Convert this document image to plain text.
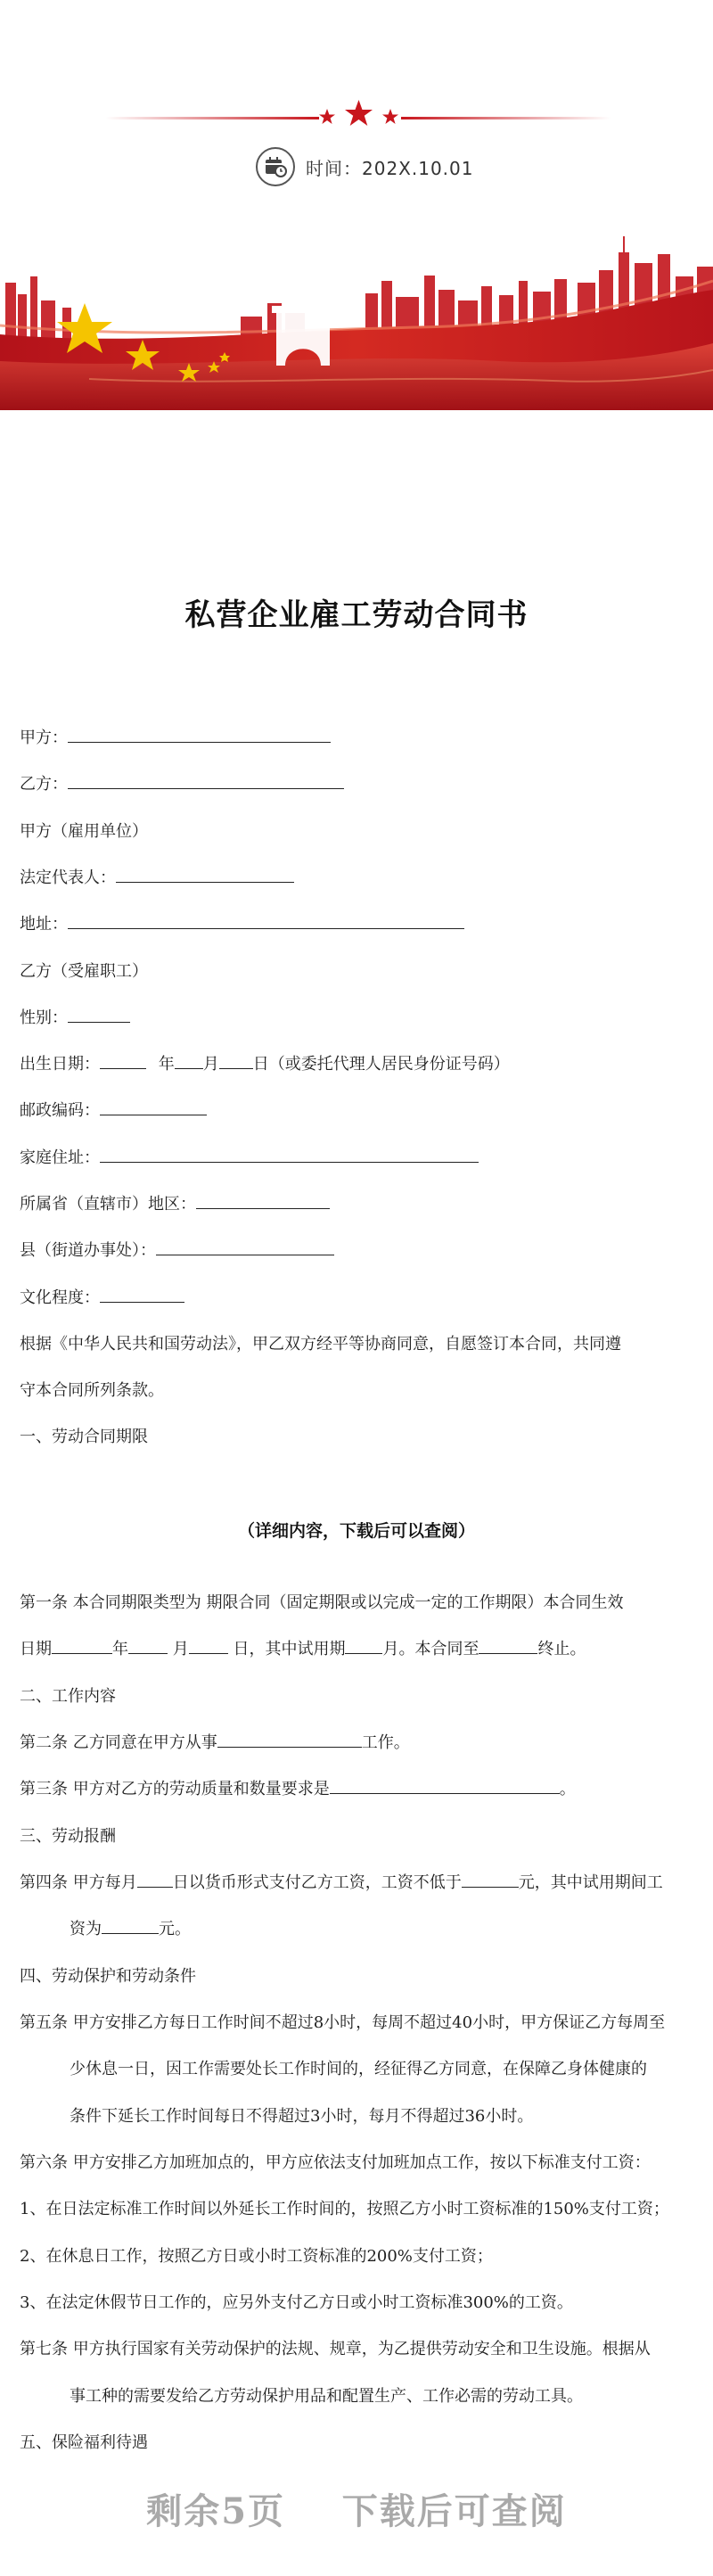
时间：202X.10.01
私营企业雇工劳动合同书
甲方：
乙方：
甲方（雇用单位）
法定代表人：
地址：
乙方（受雇职工）
性别：
出生日期：	年 月 日（或委托代理人居民身份证号码）
邮政编码：
家庭住址：
所属省（直辖市）地区：
县（街道办事处）：
文化程度：
根据《中华人民共和国劳动法》，甲乙双方经平等协商同意，自愿签订本合同，共同遵
守本合同所列条款。
一、劳动合同期限
（详细内容，下载后可以查阅）
第一条 本合同期限类型为 期限合同（固定期限或以完成一定的工作期限）本合同生效
日期	年	月	日，其中试用期 月。本合同至	终止。
二、工作内容
第二条 乙方同意在甲方从事	工作。
第三条 甲方对乙方的劳动质量和数量要求是	。
三、劳动报酬
第四条 甲方每月 日以货币形式支付乙方工资，工资不低于	元，其中试用期间工
资为	元。
四、劳动保护和劳动条件
第五条 甲方安排乙方每日工作时间不超过8小时，每周不超过40小时，甲方保证乙方每周至
少休息一日，因工作需要处长工作时间的，经征得乙方同意，在保障乙身体健康的
条件下延长工作时间每日不得超过3小时，每月不得超过36小时。
第六条 甲方安排乙方加班加点的，甲方应依法支付加班加点工作，按以下标准支付工资：
1、在日法定标准工作时间以外延长工作时间的，按照乙方小时工资标准的150%支付工资；
2、在休息日工作，按照乙方日或小时工资标准的200%支付工资；
3、在法定休假节日工作的，应另外支付乙方日或小时工资标准300%的工资。
第七条 甲方执行国家有关劳动保护的法规、规章，为乙提供劳动安全和卫生设施。根据从
事工种的需要发给乙方劳动保护用品和配置生产、工作必需的劳动工具。
五、保险福利待遇
剩余5页    下载后可查阅
